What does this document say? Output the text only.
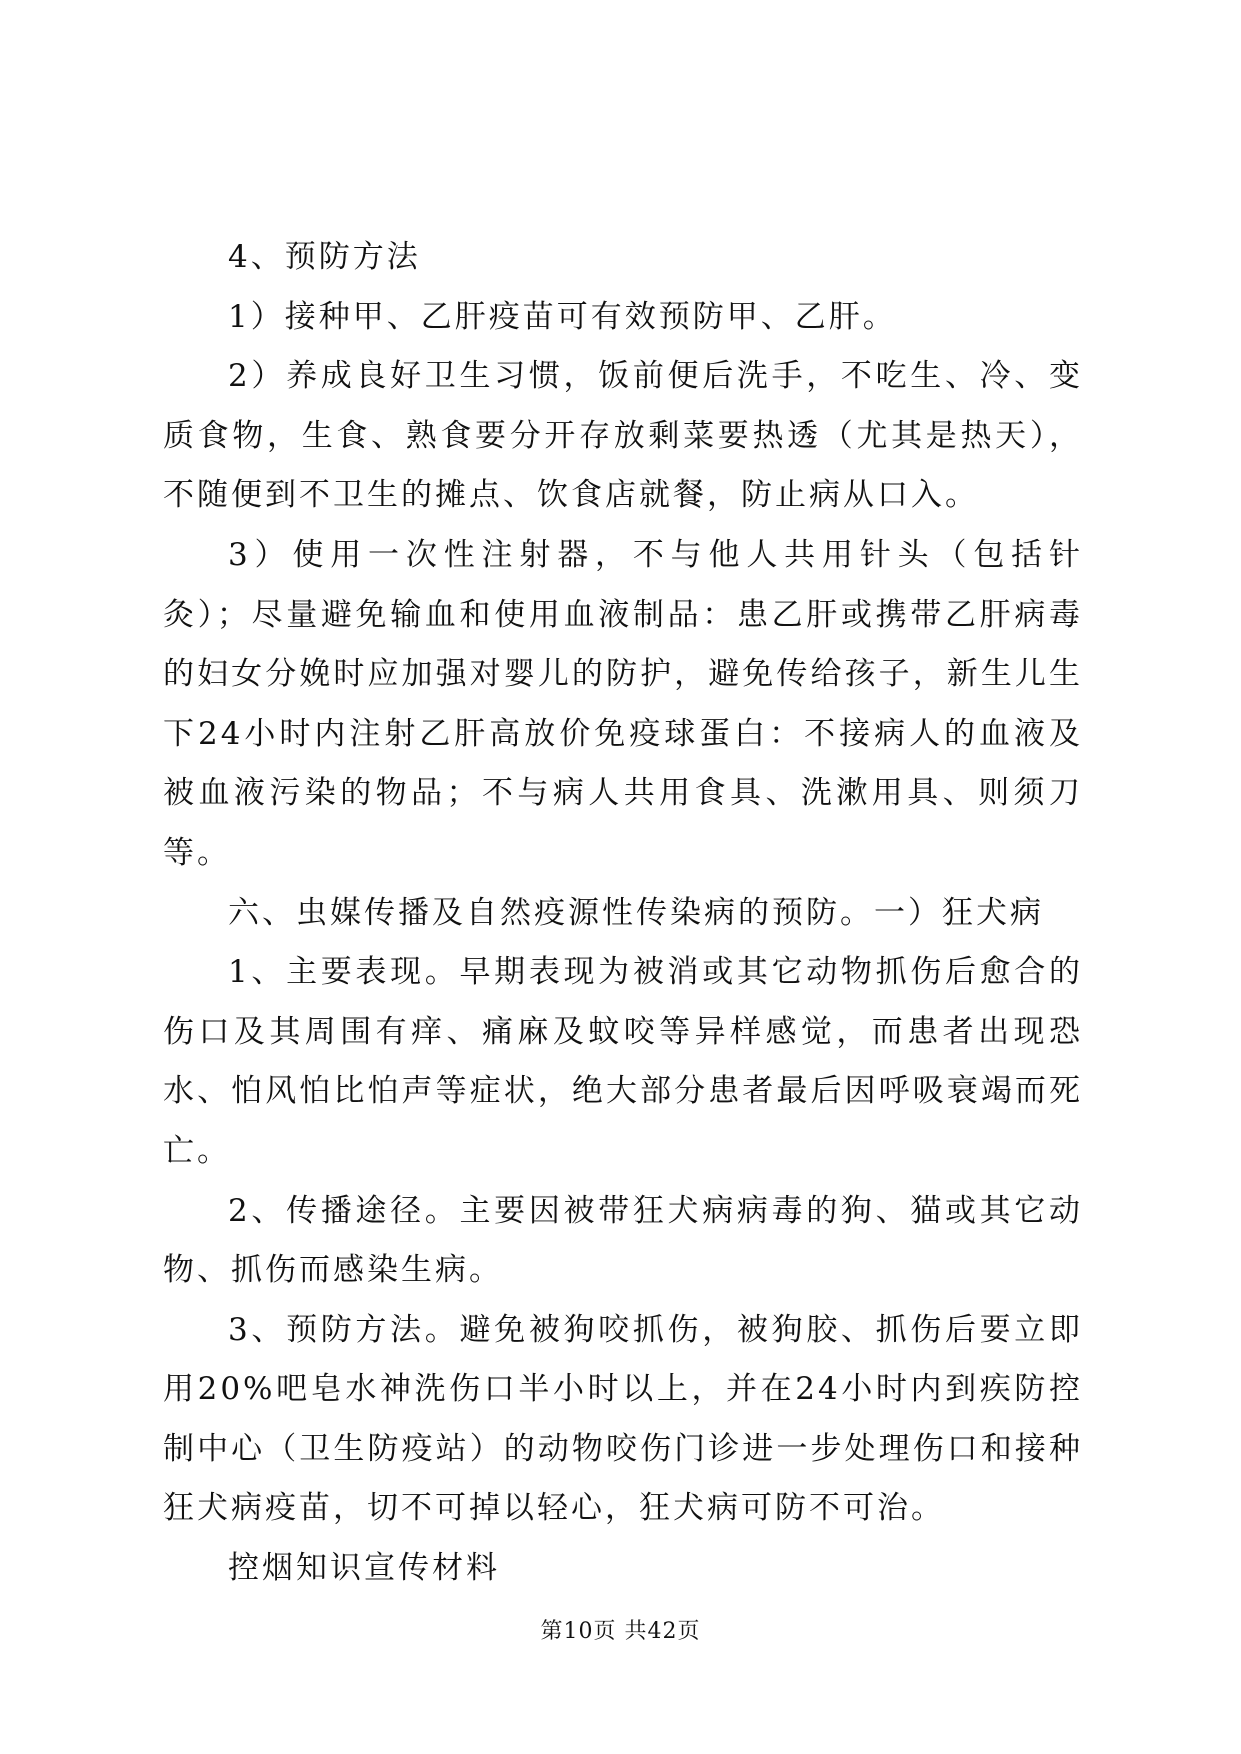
4、预防方法

1）接种甲、乙肝疫苗可有效预防甲、乙肝。

2）养成良好卫生习惯，饭前便后洗手，不吃生、冷、变质食物，生食、熟食要分开存放剩菜要热透（尤其是热天），不随便到不卫生的摊点、饮食店就餐，防止病从口入。

3）使用一次性注射器，不与他人共用针头（包括针灸）；尽量避免输血和使用血液制品：患乙肝或携带乙肝病毒的妇女分娩时应加强对婴儿的防护，避免传给孩子，新生儿生下24小时内注射乙肝高放价免疫球蛋白：不接病人的血液及被血液污染的物品；不与病人共用食具、洗漱用具、则须刀等。

六、虫媒传播及自然疫源性传染病的预防。一）狂犬病

1、主要表现。早期表现为被消或其它动物抓伤后愈合的伤口及其周围有痒、痛麻及蚊咬等异样感觉，而患者出现恐水、怕风怕比怕声等症状，绝大部分患者最后因呼吸衰竭而死亡。

2、传播途径。主要因被带狂犬病病毒的狗、猫或其它动物、抓伤而感染生病。

3、预防方法。避免被狗咬抓伤，被狗胶、抓伤后要立即用20%吧皂水神洗伤口半小时以上，并在24小时内到疾防控制中心（卫生防疫站）的动物咬伤门诊进一步处理伤口和接种狂犬病疫苗，切不可掉以轻心，狂犬病可防不可治。

控烟知识宣传材料

第10页 共42页
